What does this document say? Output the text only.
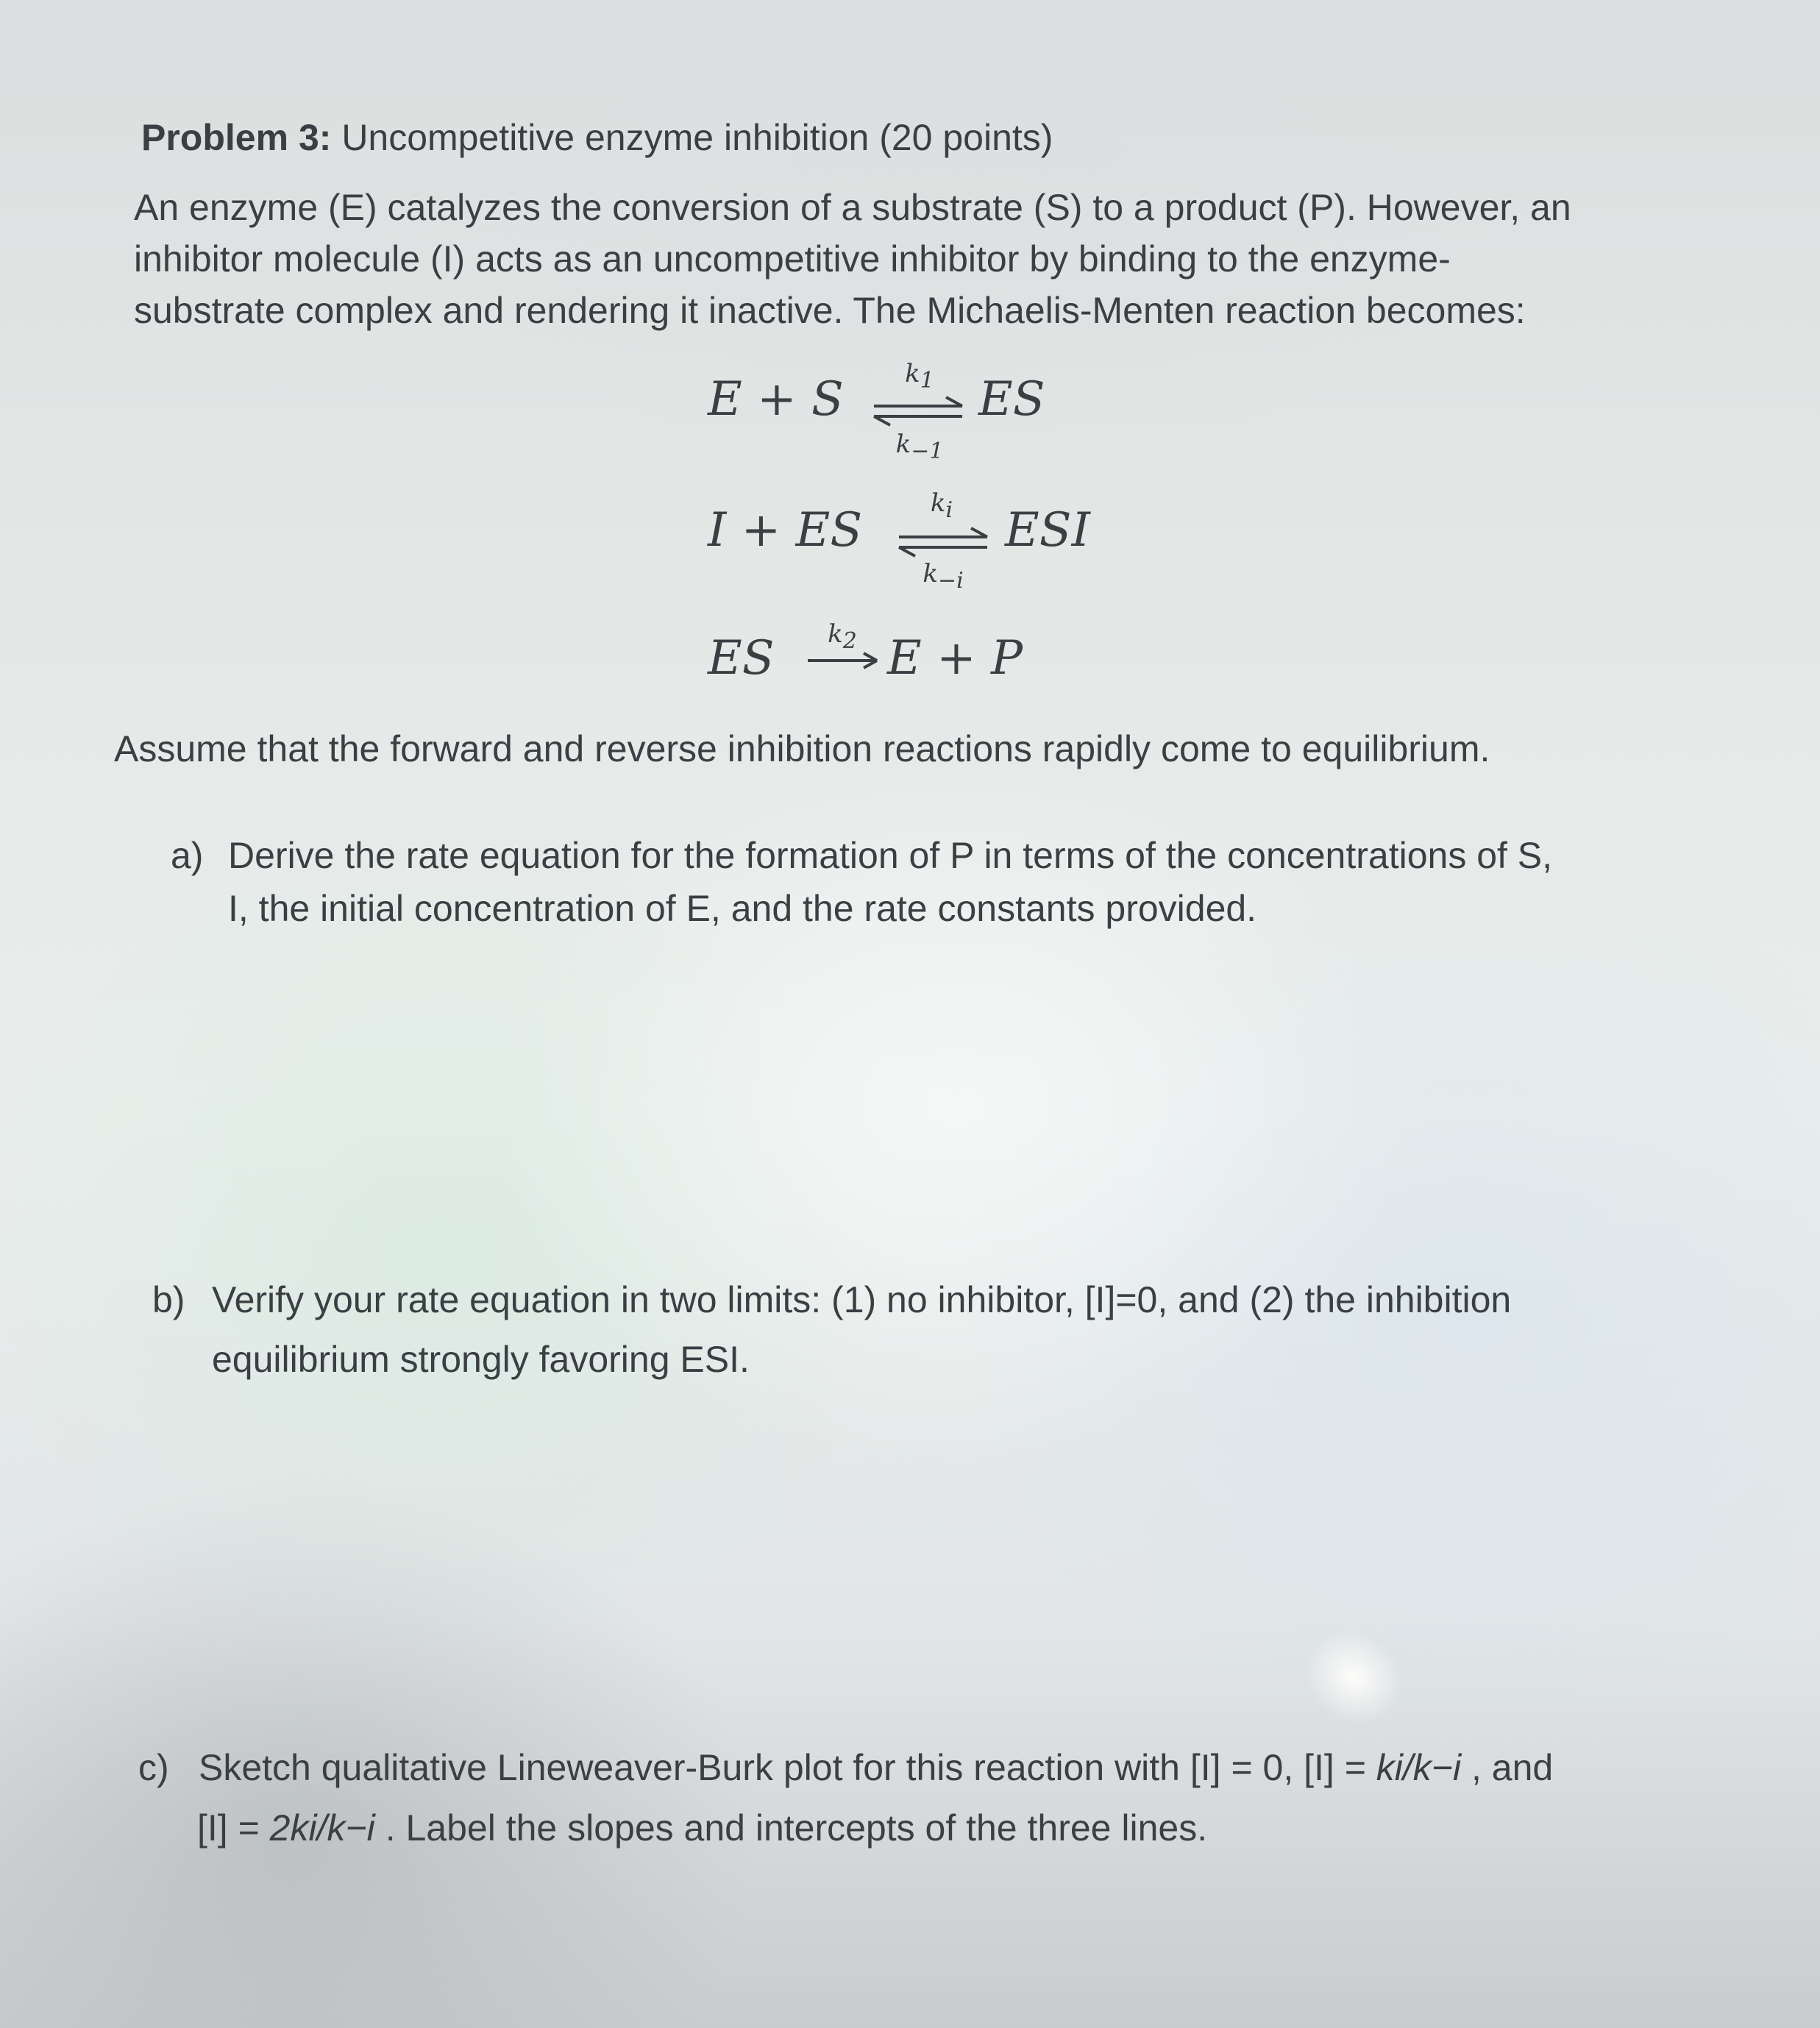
Problem 3: Uncompetitive enzyme inhibition (20 points)
An enzyme (E) catalyzes the conversion of a substrate (S) to a product (P). However, an
inhibitor molecule (I) acts as an uncompetitive inhibitor by binding to the enzyme-
substrate complex and rendering it inactive. The Michaelis-Menten reaction becomes:
E + S	k1
k−1
ES
I + ES	ki
k−i
ESI
ES	k2 E + P
Assume that the forward and reverse inhibition reactions rapidly come to equilibrium.
a) Derive the rate equation for the formation of P in terms of the concentrations of S,
I, the initial concentration of E, and the rate constants provided.
b) Verify your rate equation in two limits: (1) no inhibitor, [I]=0, and (2) the inhibition
equilibrium strongly favoring ESI.
c) Sketch qualitative Lineweaver-Burk plot for this reaction with [I] = 0, [I] = ki/k−i , and
[I] = 2ki/k−i . Label the slopes and intercepts of the three lines.
